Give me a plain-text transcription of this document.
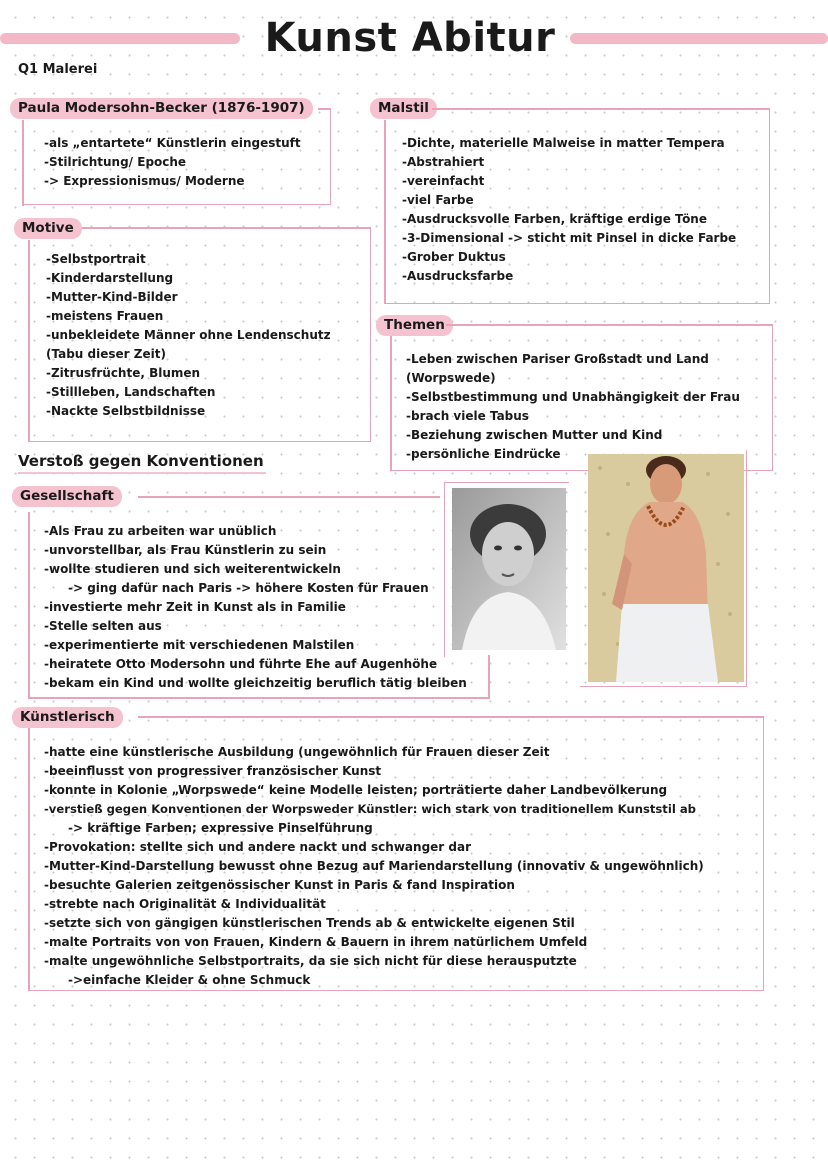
Kunst Abitur
Q1 Malerei
Paula Modersohn-Becker (1876-1907)
-als „entartete“ Künstlerin eingestuft
-Stilrichtung/ Epoche
-> Expressionismus/ Moderne
Malstil
-Dichte, materielle Malweise in matter Tempera
-Abstrahiert
-vereinfacht
-viel Farbe
-Ausdrucksvolle Farben, kräftige erdige Töne
-3-Dimensional -> sticht mit Pinsel in dicke Farbe
-Grober Duktus
-Ausdrucksfarbe
Motive
-Selbstportrait
-Kinderdarstellung
-Mutter-Kind-Bilder
-meistens Frauen
-unbekleidete Männer ohne Lendenschutz
(Tabu dieser Zeit)
-Zitrusfrüchte, Blumen
-Stillleben, Landschaften
-Nackte Selbstbildnisse
Themen
-Leben zwischen Pariser Großstadt und Land
(Worpswede)
-Selbstbestimmung und Unabhängigkeit der Frau
-brach viele Tabus
-Beziehung zwischen Mutter und Kind
-persönliche Eindrücke
Verstoß gegen Konventionen
Gesellschaft
-Als Frau zu arbeiten war unüblich
-unvorstellbar, als Frau Künstlerin zu sein
-wollte studieren und sich weiterentwickeln
-> ging dafür nach Paris -> höhere Kosten für Frauen
-investierte mehr Zeit in Kunst als in Familie
-Stelle selten aus
-experimentierte mit verschiedenen Malstilen
-heiratete Otto Modersohn und führte Ehe auf Augenhöhe
-bekam ein Kind und wollte gleichzeitig beruflich tätig bleiben
Künstlerisch
-hatte eine künstlerische Ausbildung (ungewöhnlich für Frauen dieser Zeit
-beeinflusst von progressiver französischer Kunst
-konnte in Kolonie „Worpswede“ keine Modelle leisten; porträtierte daher Landbevölkerung
-verstieß gegen Konventionen der Worpsweder Künstler: wich stark von traditionellem Kunststil ab
-> kräftige Farben; expressive Pinselführung
-Provokation: stellte sich und andere nackt und schwanger dar
-Mutter-Kind-Darstellung bewusst ohne Bezug auf Mariendarstellung (innovativ & ungewöhnlich)
-besuchte Galerien zeitgenössischer Kunst in Paris & fand Inspiration
-strebte nach Originalität & Individualität
-setzte sich von gängigen künstlerischen Trends ab & entwickelte eigenen Stil
-malte Portraits von von Frauen, Kindern & Bauern in ihrem natürlichem Umfeld
-malte ungewöhnliche Selbstportraits, da sie sich nicht für diese herausputzte
->einfache Kleider & ohne Schmuck
